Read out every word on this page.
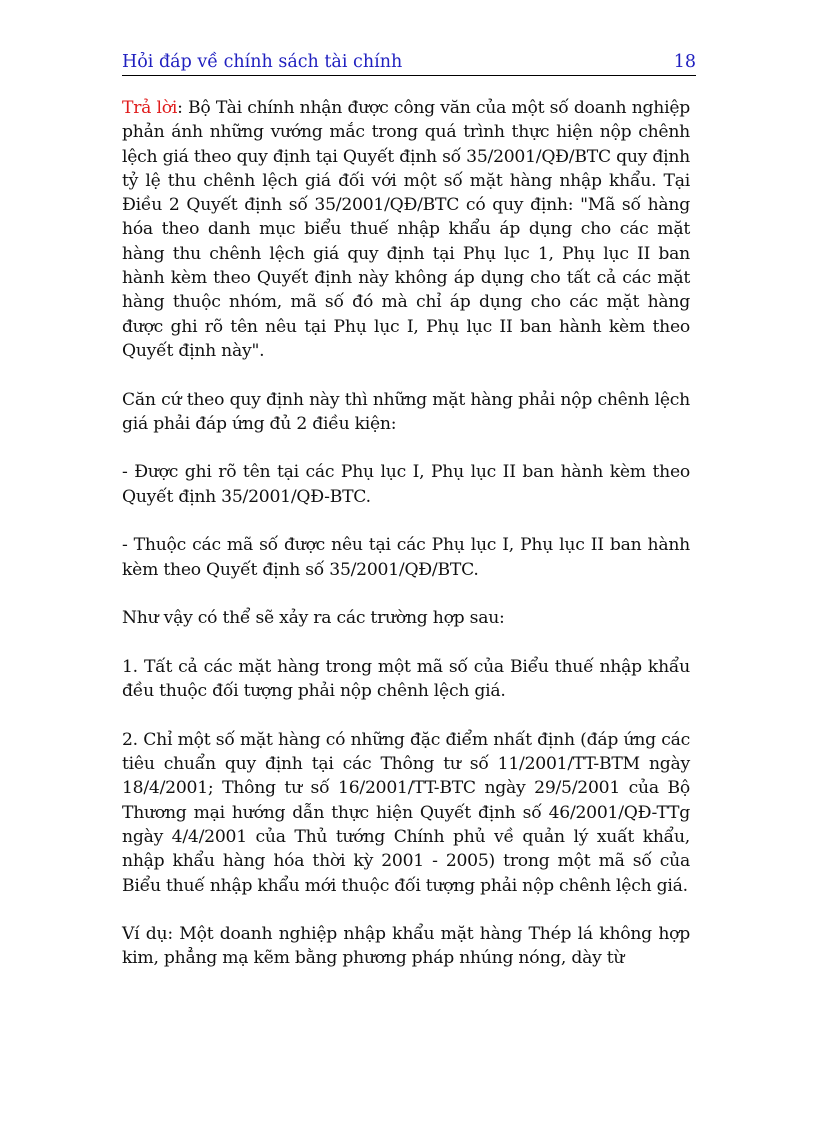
Hỏi đáp về chính sách tài chính	18

Trả lời: Bộ Tài chính nhận được công văn của một số doanh nghiệp phản ánh những vướng mắc trong quá trình thực hiện nộp chênh lệch giá theo quy định tại Quyết định số 35/2001/QĐ/BTC quy định tỷ lệ thu chênh lệch giá đối với một số mặt hàng nhập khẩu. Tại Điều 2 Quyết định số 35/2001/QĐ/BTC có quy định: "Mã số hàng hóa theo danh mục biểu thuế nhập khẩu áp dụng cho các mặt hàng thu chênh lệch giá quy định tại Phụ lục 1, Phụ lục II ban hành kèm theo Quyết định này không áp dụng cho tất cả các mặt hàng thuộc nhóm, mã số đó mà chỉ áp dụng cho các mặt hàng được ghi rõ tên nêu tại Phụ lục I, Phụ lục II ban hành kèm theo Quyết định này".

Căn cứ theo quy định này thì những mặt hàng phải nộp chênh lệch giá phải đáp ứng đủ 2 điều kiện:

- Được ghi rõ tên tại các Phụ lục I, Phụ lục II ban hành kèm theo Quyết định 35/2001/QĐ-BTC.

- Thuộc các mã số được nêu tại các Phụ lục I, Phụ lục II ban hành kèm theo Quyết định số 35/2001/QĐ/BTC.

Như vậy có thể sẽ xảy ra các trường hợp sau:

1. Tất cả các mặt hàng trong một mã số của Biểu thuế nhập khẩu đều thuộc đối tượng phải nộp chênh lệch giá.

2. Chỉ một số mặt hàng có những đặc điểm nhất định (đáp ứng các tiêu chuẩn quy định tại các Thông tư số 11/2001/TT-BTM ngày 18/4/2001; Thông tư số 16/2001/TT-BTC ngày 29/5/2001 của Bộ Thương mại hướng dẫn thực hiện Quyết định số 46/2001/QĐ-TTg ngày 4/4/2001 của Thủ tướng Chính phủ về quản lý xuất khẩu, nhập khẩu hàng hóa thời kỳ 2001 - 2005) trong một mã số của Biểu thuế nhập khẩu mới thuộc đối tượng phải nộp chênh lệch giá.

Ví dụ: Một doanh nghiệp nhập khẩu mặt hàng Thép lá không hợp kim, phẳng mạ kẽm bằng phương pháp nhúng nóng, dày từ
